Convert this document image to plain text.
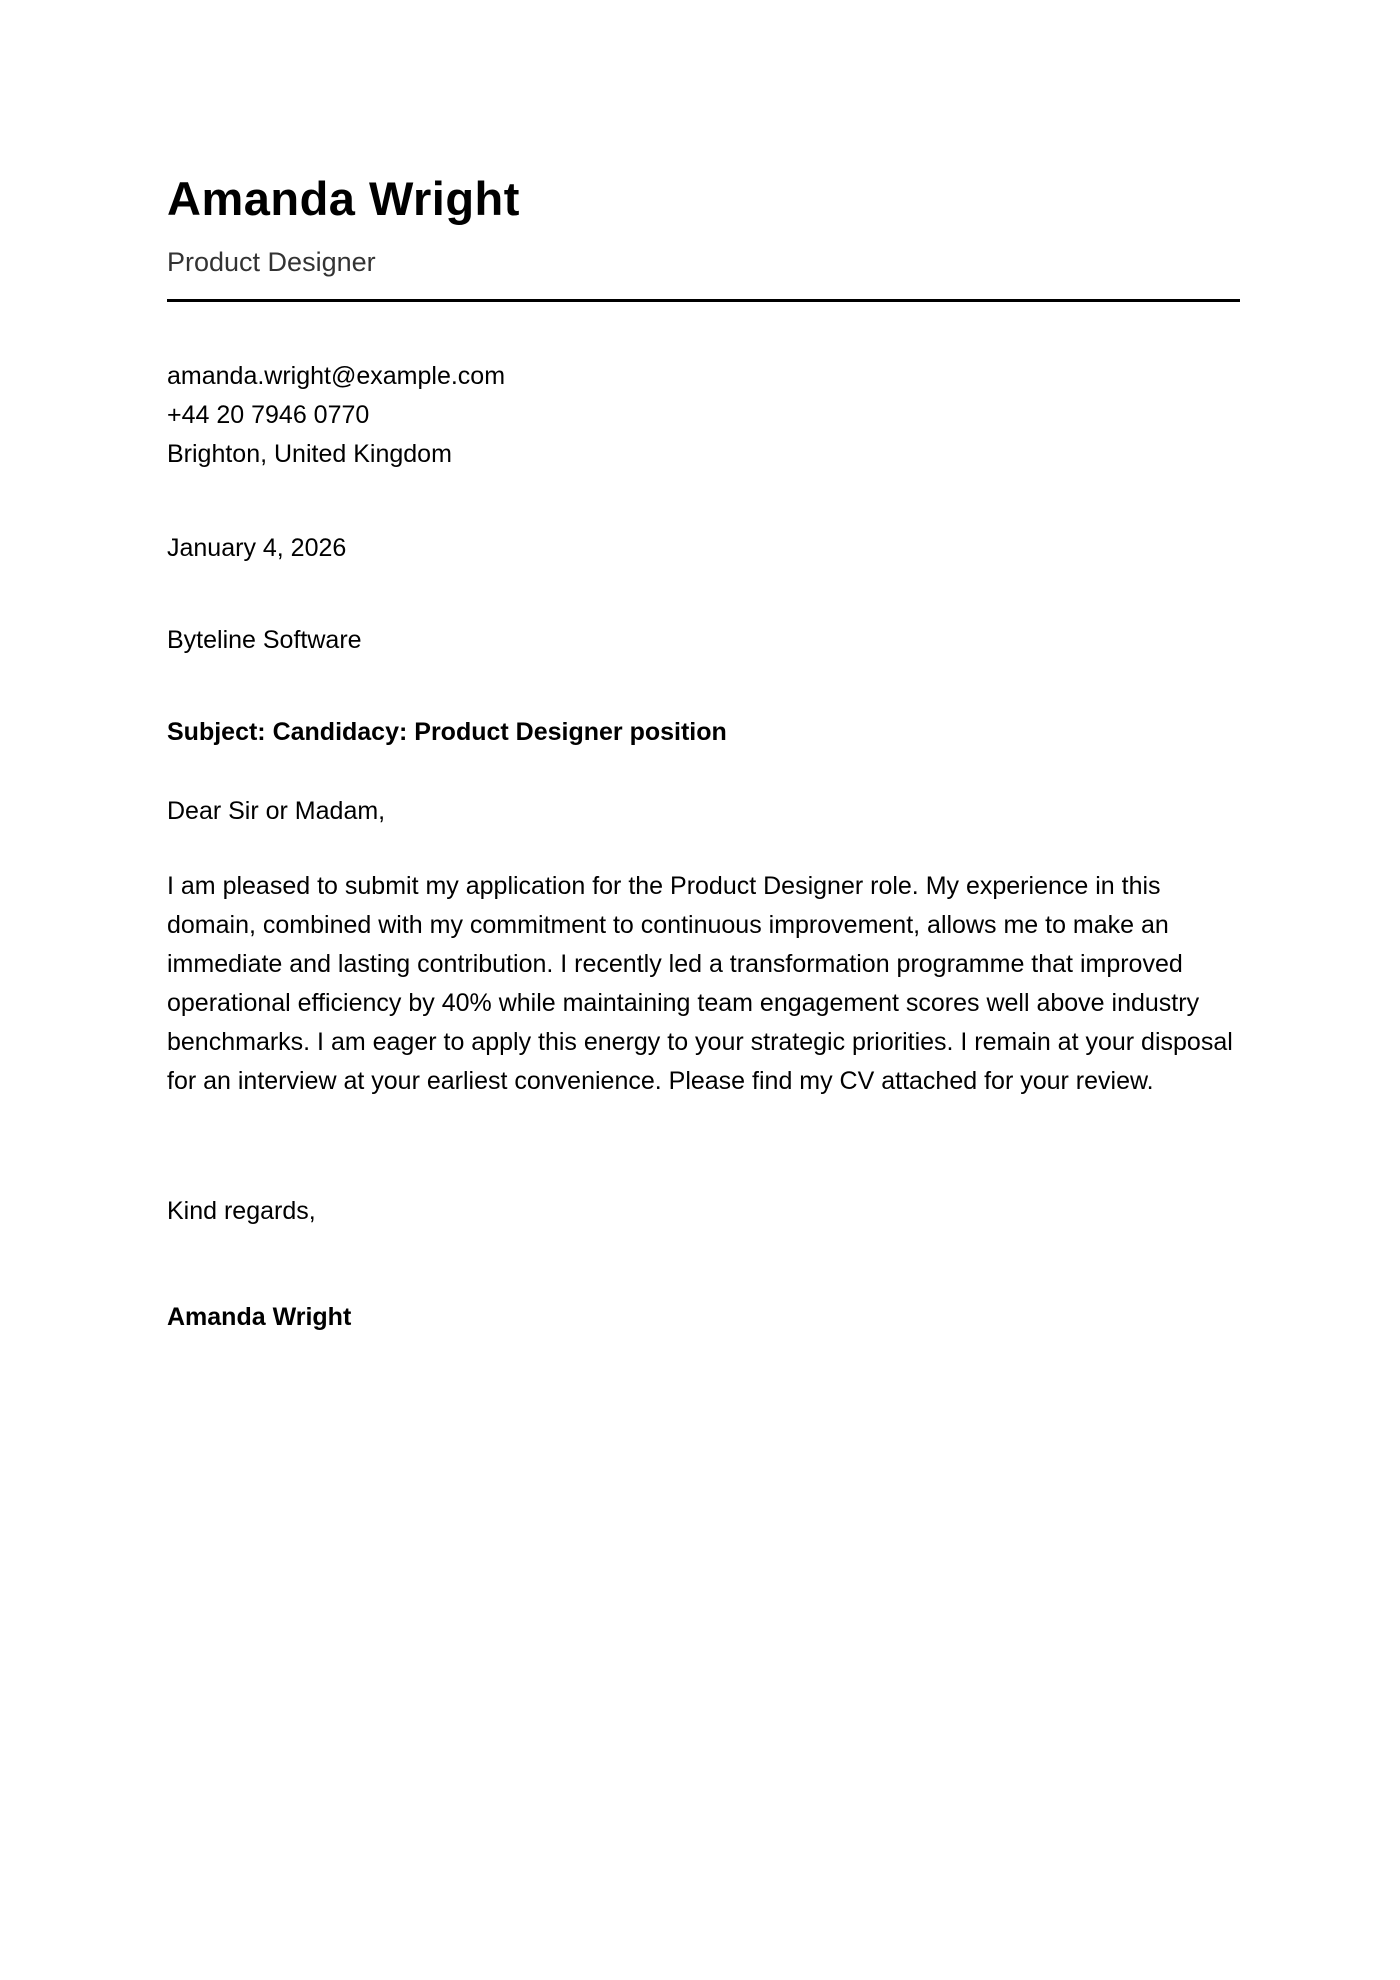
Amanda Wright
Product Designer
amanda.wright@example.com
+44 20 7946 0770
Brighton, United Kingdom
January 4, 2026
Byteline Software
Subject: Candidacy: Product Designer position
Dear Sir or Madam,

I am pleased to submit my application for the Product Designer role. My experience in this domain, combined with my commitment to continuous improvement, allows me to make an immediate and lasting contribution. I recently led a transformation programme that improved operational efficiency by 40% while maintaining team engagement scores well above industry benchmarks. I am eager to apply this energy to your strategic priorities. I remain at your disposal for an interview at your earliest convenience. Please find my CV attached for your review.

Kind regards,
Amanda Wright
